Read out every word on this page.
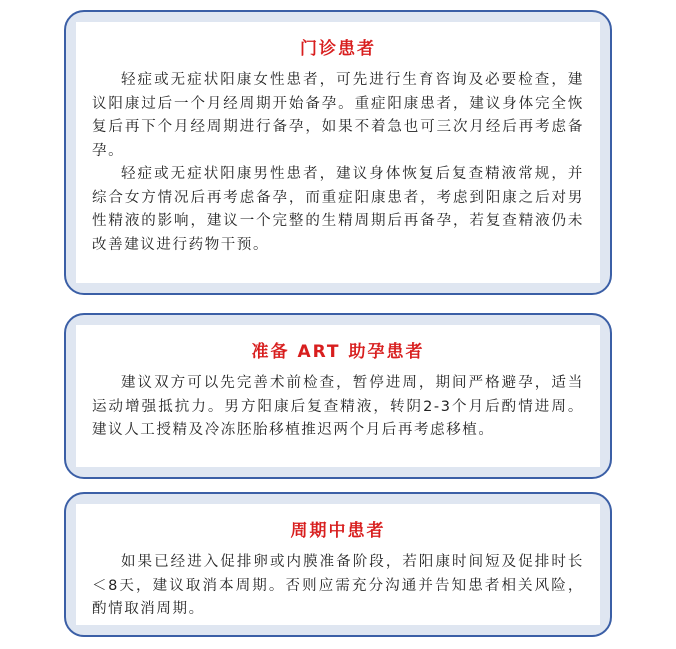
门诊患者

轻症或无症状阳康女性患者，可先进行生育咨询及必要检查，建议阳康过后一个月经周期开始备孕。重症阳康患者，建议身体完全恢复后再下个月经周期进行备孕，如果不着急也可三次月经后再考虑备孕。

轻症或无症状阳康男性患者，建议身体恢复后复查精液常规，并综合女方情况后再考虑备孕，而重症阳康患者，考虑到阳康之后对男性精液的影响，建议一个完整的生精周期后再备孕，若复查精液仍未改善建议进行药物干预。

准备 ART 助孕患者

建议双方可以先完善术前检查，暂停进周，期间严格避孕，适当运动增强抵抗力。男方阳康后复查精液，转阴2-3个月后酌情进周。建议人工授精及冷冻胚胎移植推迟两个月后再考虑移植。

周期中患者

如果已经进入促排卵或内膜准备阶段，若阳康时间短及促排时长＜8天，建议取消本周期。否则应需充分沟通并告知患者相关风险，酌情取消周期。
